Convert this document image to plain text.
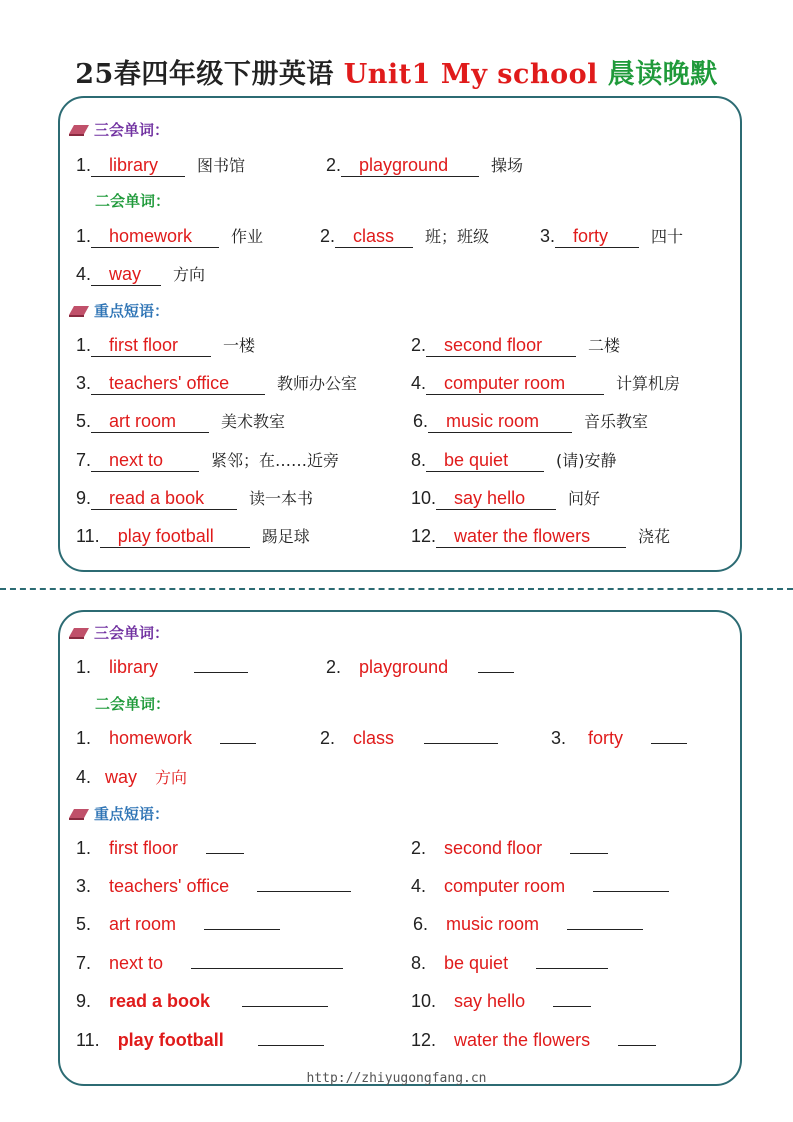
25春四年级下册英语 Unit1 My school 晨读晚默
三会单词：
1. library 图书馆	2. playground	操场
二会单词：
1. homework 作业	2. class 班；班级	3. forty	四十
4. way 方向
重点短语：
1. first floor	一楼	2. second floor	二楼
3. teachers' office	教师办公室	4. computer room	计算机房
5. art room	美术教室	6. music room	音乐教室
7. next to	紧邻；在……近旁	8. be quiet	(请)安静
9. read a book	读一本书	10. say hello	问好
11. play football	踢足球	12. water the flowers	浇花
三会单词：
1. library	2. playground
二会单词：
1. homework	2. class	3. forty
4. way 方向
重点短语：
1. first floor	2. second floor
3. teachers' office	4. computer room
5. art room	6. music room
7. next to	8. be quiet
9. read a book	10. say hello
11. play football	12. water the flowers
http://zhiyugongfang.cn
